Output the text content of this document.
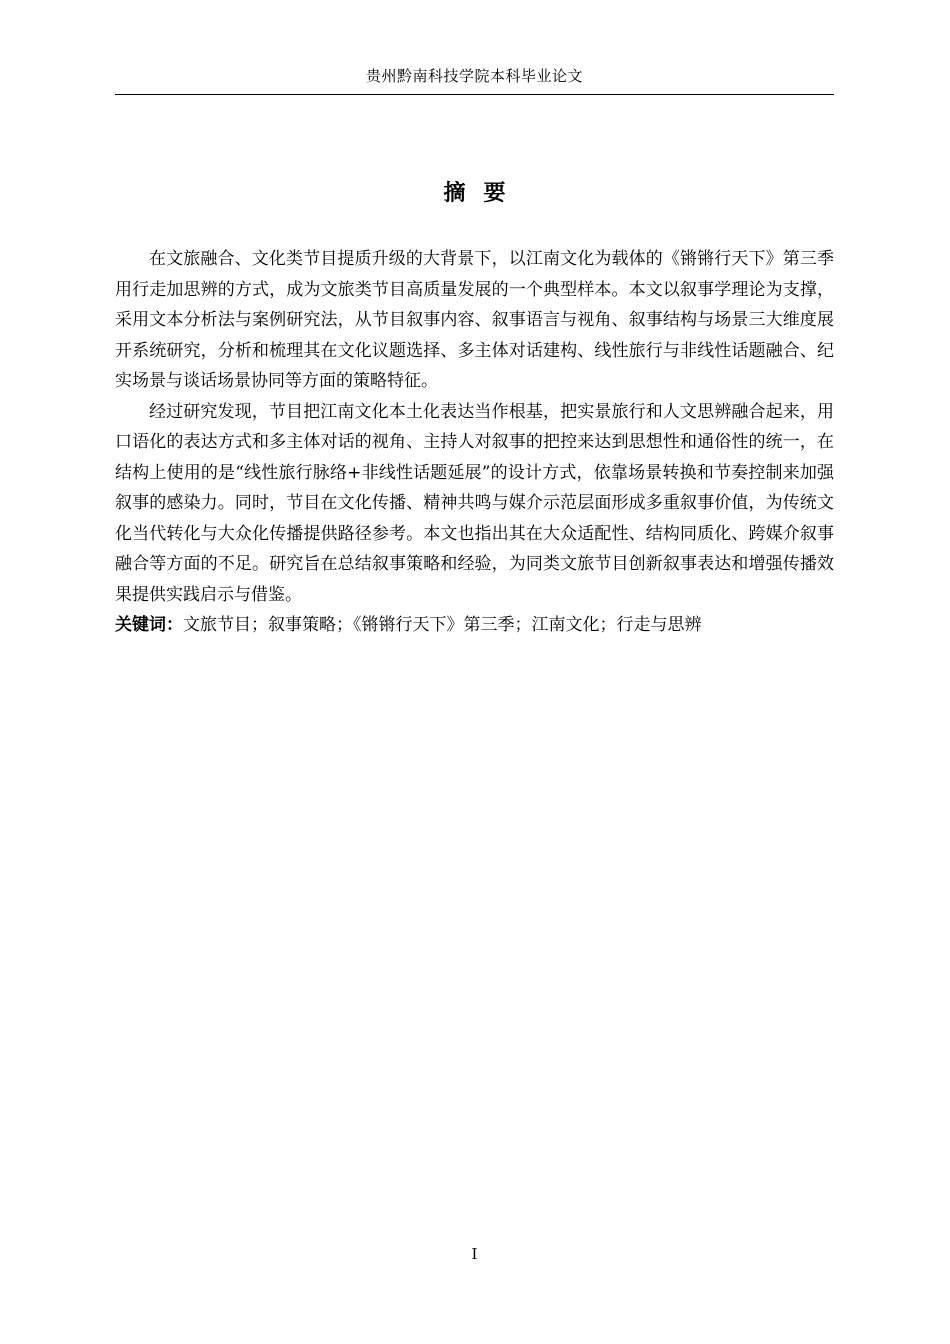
贵州黔南科技学院本科毕业论文
摘要

在文旅融合、文化类节目提质升级的大背景下，以江南文化为载体的《锵锵行天下》第三季用行走加思辨的方式，成为文旅类节目高质量发展的一个典型样本。本文以叙事学理论为支撑，采用文本分析法与案例研究法，从节目叙事内容、叙事语言与视角、叙事结构与场景三大维度展开系统研究，分析和梳理其在文化议题选择、多主体对话建构、线性旅行与非线性话题融合、纪实场景与谈话场景协同等方面的策略特征。

经过研究发现，节目把江南文化本土化表达当作根基，把实景旅行和人文思辨融合起来，用口语化的表达方式和多主体对话的视角、主持人对叙事的把控来达到思想性和通俗性的统一，在结构上使用的是“线性旅行脉络+非线性话题延展”的设计方式，依靠场景转换和节奏控制来加强叙事的感染力。同时，节目在文化传播、精神共鸣与媒介示范层面形成多重叙事价值，为传统文化当代转化与大众化传播提供路径参考。本文也指出其在大众适配性、结构同质化、跨媒介叙事融合等方面的不足。研究旨在总结叙事策略和经验，为同类文旅节目创新叙事表达和增强传播效果提供实践启示与借鉴。

关键词：文旅节目；叙事策略；《锵锵行天下》第三季；江南文化；行走与思辨

I
